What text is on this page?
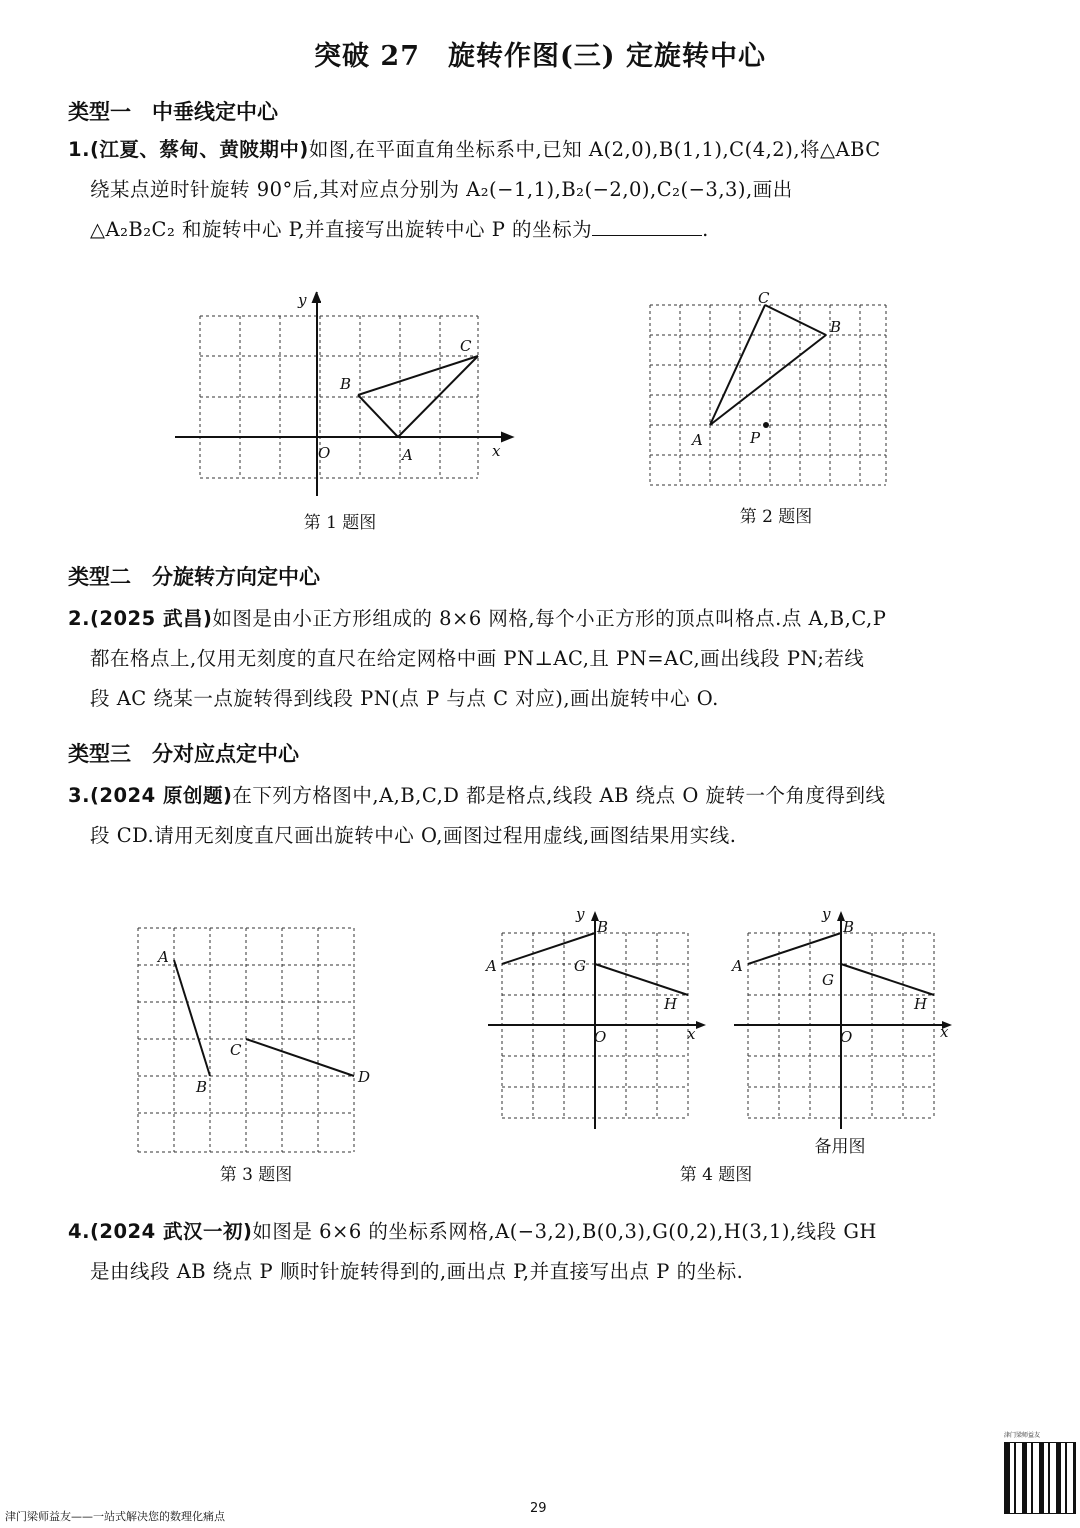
突破 27　旋转作图(三) 定旋转中心
类型一　中垂线定中心
1.(江夏、蔡甸、黄陂期中)如图,在平面直角坐标系中,已知 A(2,0),B(1,1),C(4,2),将△ABC
绕某点逆时针旋转 90°后,其对应点分别为 A₂(−1,1),B₂(−2,0),C₂(−3,3),画出
△A₂B₂C₂ 和旋转中心 P,并直接写出旋转中心 P 的坐标为	.
y
x
O	A
B
C
第 1 题图
C
B
A	P
第 2 题图
类型二　分旋转方向定中心
2.(2025 武昌)如图是由小正方形组成的 8×6 网格,每个小正方形的顶点叫格点.点 A,B,C,P
都在格点上,仅用无刻度的直尺在给定网格中画 PN⊥AC,且 PN=AC,画出线段 PN;若线
段 AC 绕某一点旋转得到线段 PN(点 P 与点 C 对应),画出旋转中心 O.
类型三　分对应点定中心
3.(2024 原创题)在下列方格图中,A,B,C,D 都是格点,线段 AB 绕点 O 旋转一个角度得到线
段 CD.请用无刻度直尺画出旋转中心 O,画图过程用虚线,画图结果用实线.
A
B
C
D
第 3 题图
y
x
O
A
B
G
H
第 4 题图
y
x
O
A
B
G
H
备用图
4.(2024 武汉一初)如图是 6×6 的坐标系网格,A(−3,2),B(0,3),G(0,2),H(3,1),线段 GH
是由线段 AB 绕点 P 顺时针旋转得到的,画出点 P,并直接写出点 P 的坐标.
津门梁师益友
津门梁师益友——一站式解决您的数理化痛点
29
